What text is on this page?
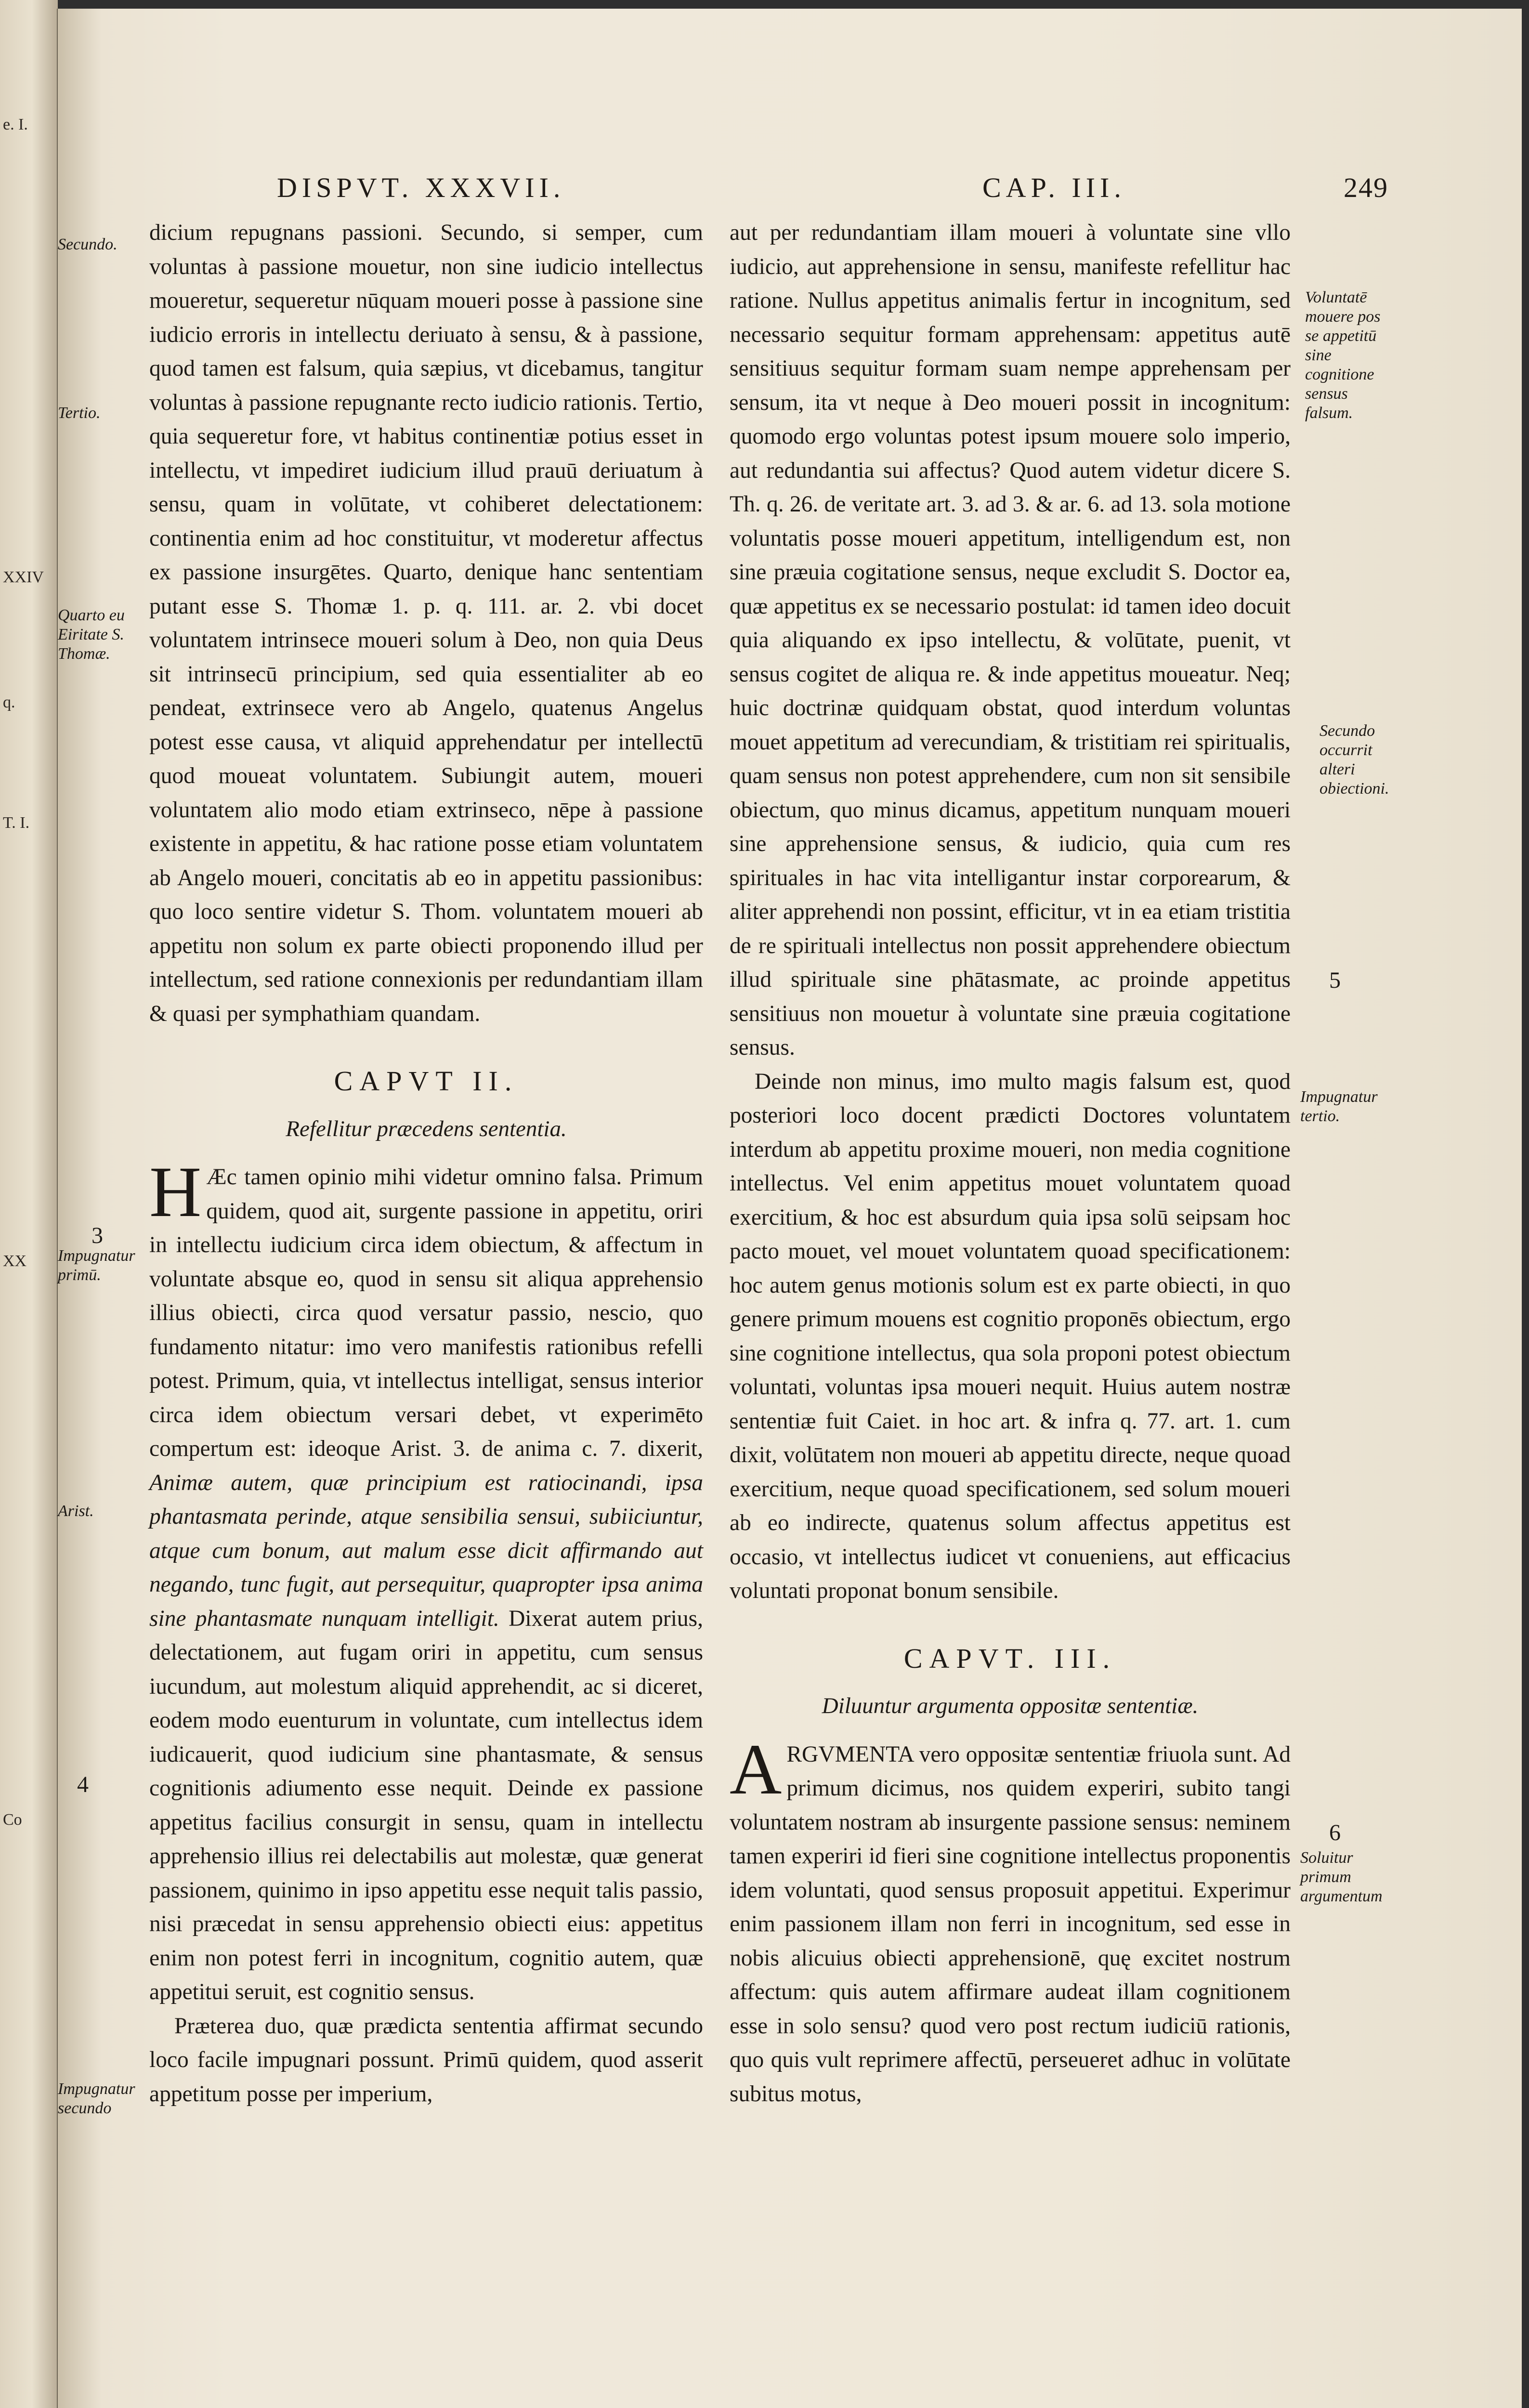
e. I.
XXIV
q.
T. I.
XX
Co
DISPVT. XXXVII.	CAP. III.	249
Secundo.
Tertio.
Quarto eu Eiritate S. Thomæ.
3
Impugnatur primū.
Arist.
4
Impugnatur secundo
Voluntatē mouere pos se appetitū sine cognitione sensus falsum.
Secundo occurrit alteri obiectioni.
5
Impugnatur tertio.
6
Soluitur primum argumentum

dicium repugnans passioni. Secundo, si semper, cum voluntas à passione mouetur, non sine iudicio intellectus moueretur, sequeretur nūquam moueri posse à passione sine iudicio erroris in intellectu deriuato à sensu, & à passione, quod tamen est falsum, quia sæpius, vt dicebamus, tangitur voluntas à passione repugnante recto iudicio rationis. Tertio, quia sequeretur fore, vt habitus continentiæ potius esset in intellectu, vt impediret iudicium illud prauū deriuatum à sensu, quam in volūtate, vt cohiberet delectationem: continentia enim ad hoc constituitur, vt moderetur affectus ex passione insurgētes. Quarto, denique hanc sententiam putant esse S. Thomæ 1. p. q. 111. ar. 2. vbi docet voluntatem intrinsece moueri solum à Deo, non quia Deus sit intrinsecū principium, sed quia essentialiter ab eo pendeat, extrinsece vero ab Angelo, quatenus Angelus potest esse causa, vt aliquid apprehendatur per intellectū quod moueat voluntatem. Subiungit autem, moueri voluntatem alio modo etiam extrinseco, nēpe à passione existente in appetitu, & hac ratione posse etiam voluntatem ab Angelo moueri, concitatis ab eo in appetitu passionibus: quo loco sentire videtur S. Thom. voluntatem moueri ab appetitu non solum ex parte obiecti proponendo illud per intellectum, sed ratione connexionis per redundantiam illam & quasi per symphathiam quandam.

CAPVT II.
Refellitur præcedens sententia.

HÆc tamen opinio mihi videtur omnino falsa. Primum quidem, quod ait, surgente passione in appetitu, oriri in intellectu iudicium circa idem obiectum, & affectum in voluntate absque eo, quod in sensu sit aliqua apprehensio illius obiecti, circa quod versatur passio, nescio, quo fundamento nitatur: imo vero manifestis rationibus refelli potest. Primum, quia, vt intellectus intelligat, sensus interior circa idem obiectum versari debet, vt experimēto compertum est: ideoque Arist. 3. de anima c. 7. dixerit, Animæ autem, quæ principium est ratiocinandi, ipsa phantasmata perinde, atque sensibilia sensui, subiiciuntur, atque cum bonum, aut malum esse dicit affirmando aut negando, tunc fugit, aut persequitur, quapropter ipsa anima sine phantasmate nunquam intelligit. Dixerat autem prius, delectationem, aut fugam oriri in appetitu, cum sensus iucundum, aut molestum aliquid apprehendit, ac si diceret, eodem modo euenturum in voluntate, cum intellectus idem iudicauerit, quod iudicium sine phantasmate, & sensus cognitionis adiumento esse nequit. Deinde ex passione appetitus facilius consurgit in sensu, quam in intellectu apprehensio illius rei delectabilis aut molestæ, quæ generat passionem, quinimo in ipso appetitu esse nequit talis passio, nisi præcedat in sensu apprehensio obiecti eius: appetitus enim non potest ferri in incognitum, cognitio autem, quæ appetitui seruit, est cognitio sensus.

Præterea duo, quæ prædicta sententia affirmat secundo loco facile impugnari possunt. Primū quidem, quod asserit appetitum posse per imperium,

aut per redundantiam illam moueri à voluntate sine vllo iudicio, aut apprehensione in sensu, manifeste refellitur hac ratione. Nullus appetitus animalis fertur in incognitum, sed necessario sequitur formam apprehensam: appetitus autē sensitiuus sequitur formam suam nempe apprehensam per sensum, ita vt neque à Deo moueri possit in incognitum: quomodo ergo voluntas potest ipsum mouere solo imperio, aut redundantia sui affectus? Quod autem videtur dicere S. Th. q. 26. de veritate art. 3. ad 3. & ar. 6. ad 13. sola motione voluntatis posse moueri appetitum, intelligendum est, non sine præuia cogitatione sensus, neque excludit S. Doctor ea, quæ appetitus ex se necessario postulat: id tamen ideo docuit quia aliquando ex ipso intellectu, & volūtate, puenit, vt sensus cogitet de aliqua re. & inde appetitus moueatur. Neq; huic doctrinæ quidquam obstat, quod interdum voluntas mouet appetitum ad verecundiam, & tristitiam rei spiritualis, quam sensus non potest apprehendere, cum non sit sensibile obiectum, quo minus dicamus, appetitum nunquam moueri sine apprehensione sensus, & iudicio, quia cum res spirituales in hac vita intelligantur instar corporearum, & aliter apprehendi non possint, efficitur, vt in ea etiam tristitia de re spirituali intellectus non possit apprehendere obiectum illud spirituale sine phātasmate, ac proinde appetitus sensitiuus non mouetur à voluntate sine præuia cogitatione sensus.

Deinde non minus, imo multo magis falsum est, quod posteriori loco docent prædicti Doctores voluntatem interdum ab appetitu proxime moueri, non media cognitione intellectus. Vel enim appetitus mouet voluntatem quoad exercitium, & hoc est absurdum quia ipsa solū seipsam hoc pacto mouet, vel mouet voluntatem quoad specificationem: hoc autem genus motionis solum est ex parte obiecti, in quo genere primum mouens est cognitio proponēs obiectum, ergo sine cognitione intellectus, qua sola proponi potest obiectum voluntati, voluntas ipsa moueri nequit. Huius autem nostræ sententiæ fuit Caiet. in hoc art. & infra q. 77. art. 1. cum dixit, volūtatem non moueri ab appetitu directe, neque quoad exercitium, neque quoad specificationem, sed solum moueri ab eo indirecte, quatenus solum affectus appetitus est occasio, vt intellectus iudicet vt conueniens, aut efficacius voluntati proponat bonum sensibile.

CAPVT. III.
Diluuntur argumenta oppositæ sententiæ.

ARGVMENTA vero oppositæ sententiæ friuola sunt. Ad primum dicimus, nos quidem experiri, subito tangi voluntatem nostram ab insurgente passione sensus: neminem tamen experiri id fieri sine cognitione intellectus proponentis idem voluntati, quod sensus proposuit appetitui. Experimur enim passionem illam non ferri in incognitum, sed esse in nobis alicuius obiecti apprehensionē, quę excitet nostrum affectum: quis autem affirmare audeat illam cognitionem esse in solo sensu? quod vero post rectum iudiciū rationis, quo quis vult reprimere affectū, perseueret adhuc in volūtate subitus motus,
